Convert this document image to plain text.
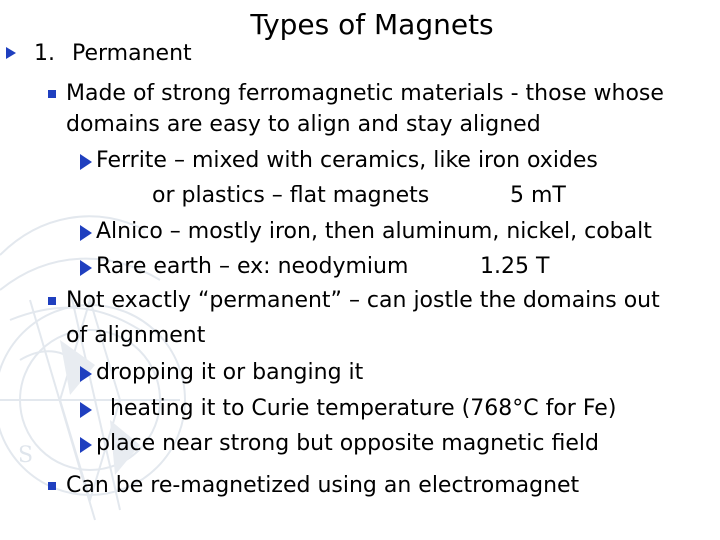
S
Types of Magnets
1. Permanent
Made of strong ferromagnetic materials - those whose
domains are easy to align and stay aligned
Ferrite – mixed with ceramics, like iron oxides
or plastics – flat magnets	5 mT
Alnico – mostly iron, then aluminum, nickel, cobalt
Rare earth – ex: neodymium	1.25 T
Not exactly “permanent” – can jostle the domains out
of alignment
dropping it or banging it
heating it to Curie temperature (768°C for Fe)
place near strong but opposite magnetic field
Can be re-magnetized using an electromagnet
